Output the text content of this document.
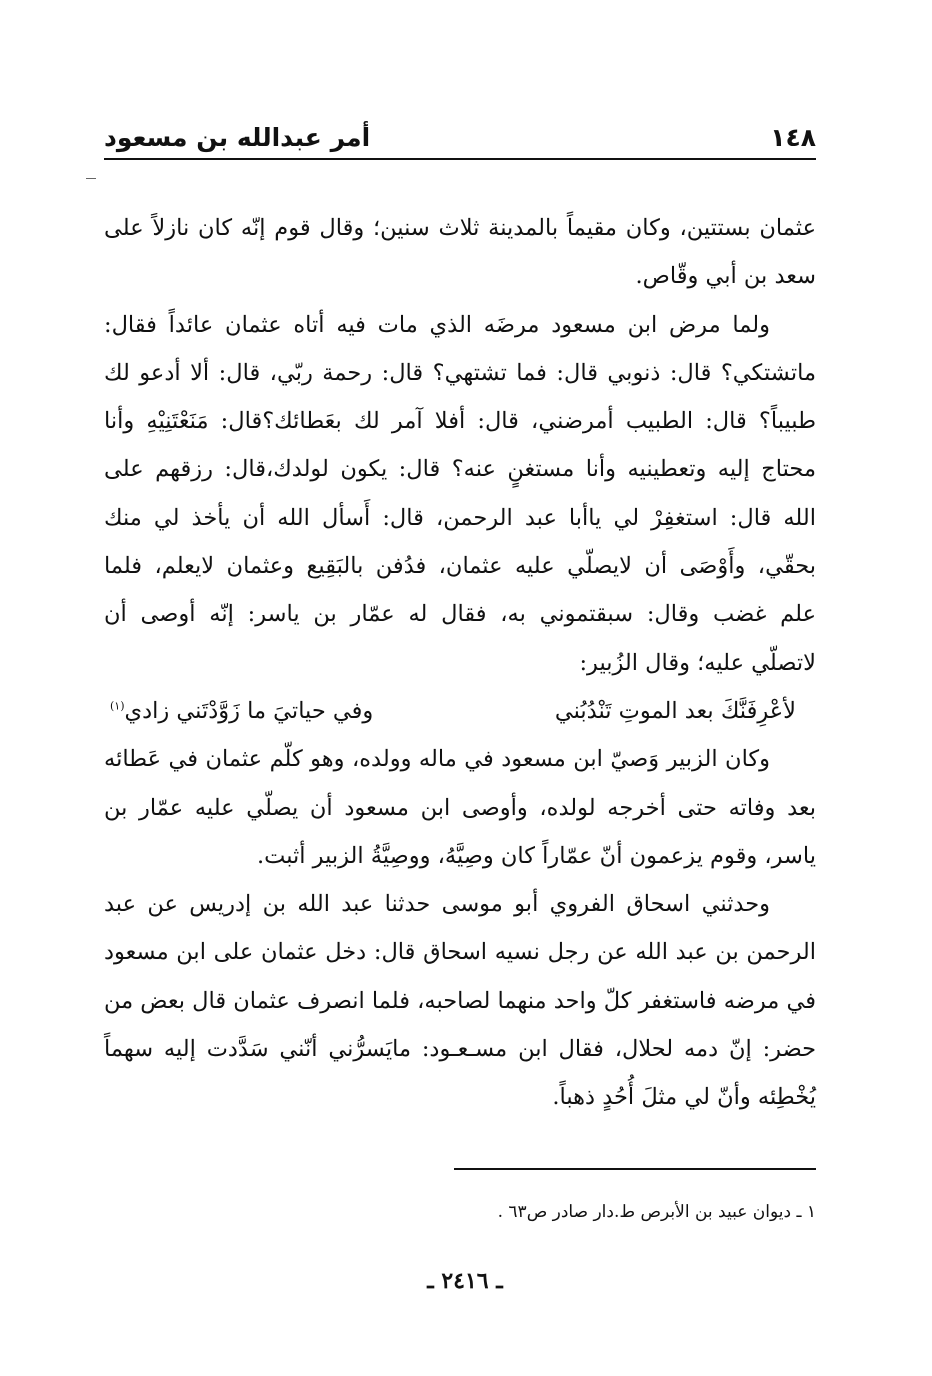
١٤٨
أمر عبدالله بن مسعود
عثمان بستتين، وكان مقيماً بالمدينة ثلاث سنين؛ وقال قوم إنّه كان نازلاً على
سعد بن أبي وقّاص.
ولما مرض ابن مسعود مرضَه الذي مات فيه أتاه عثمان عائداً فقال:
ماتشتكي؟ قال: ذنوبي قال: فما تشتهي؟ قال: رحمة ربّي، قال: ألا أدعو لك
طبيباً؟ قال: الطبيب أمرضني، قال: أفلا آمر لك بعَطائك؟قال: مَنَعْتَنِيْهِ وأنا
محتاج إليه وتعطينيه وأنا مستغنٍ عنه؟ قال: يكون لولدك،قال: رزقهم على
الله قال: استغفِرْ لي ياأبا عبد الرحمن، قال: أَسأل الله أن يأخذ لي منك
بحقّي، وأَوْصَى أن لايصلّي عليه عثمان، فدُفن بالبَقِيع وعثمان لايعلم، فلما
علم غضب وقال: سبقتموني به، فقال له عمّار بن ياسر: إنّه أوصى أن
لاتصلّي عليه؛ وقال الزُبير:
لأعْرِفَنَّكَ بعد الموتِ تَنْدُبُني
وفي حياتيَ ما زَوَّدْتَني زادي$^{(١)}$
وكان الزبير وَصيّ ابن مسعود في ماله وولده، وهو كلّم عثمان في عَطائه
بعد وفاته حتى أخرجه لولده، وأوصى ابن مسعود أن يصلّي عليه عمّار بن
ياسر، وقوم يزعمون أنّ عمّاراً كان وصِيَّهُ، ووصِيَّةُ الزبير أثبت.
وحدثني اسحاق الفروي أبو موسى حدثنا عبد الله بن إدريس عن عبد
الرحمن بن عبد الله عن رجل نسيه اسحاق قال: دخل عثمان على ابن مسعود
في مرضه فاستغفر كلّ واحد منهما لصاحبه، فلما انصرف عثمان قال بعض من
حضر: إنّ دمه لحلال، فقال ابن مسـعـود: مايَسرُّني أنّني سَدَّدت إليه سهماً
يُخْطِئه وأنّ لي مثلَ أُحُدٍ ذهباً.
١ ـ ديوان عبيد بن الأبرص ط.دار صادر ص٦٣ .
ـ ٢٤١٦ ـ
